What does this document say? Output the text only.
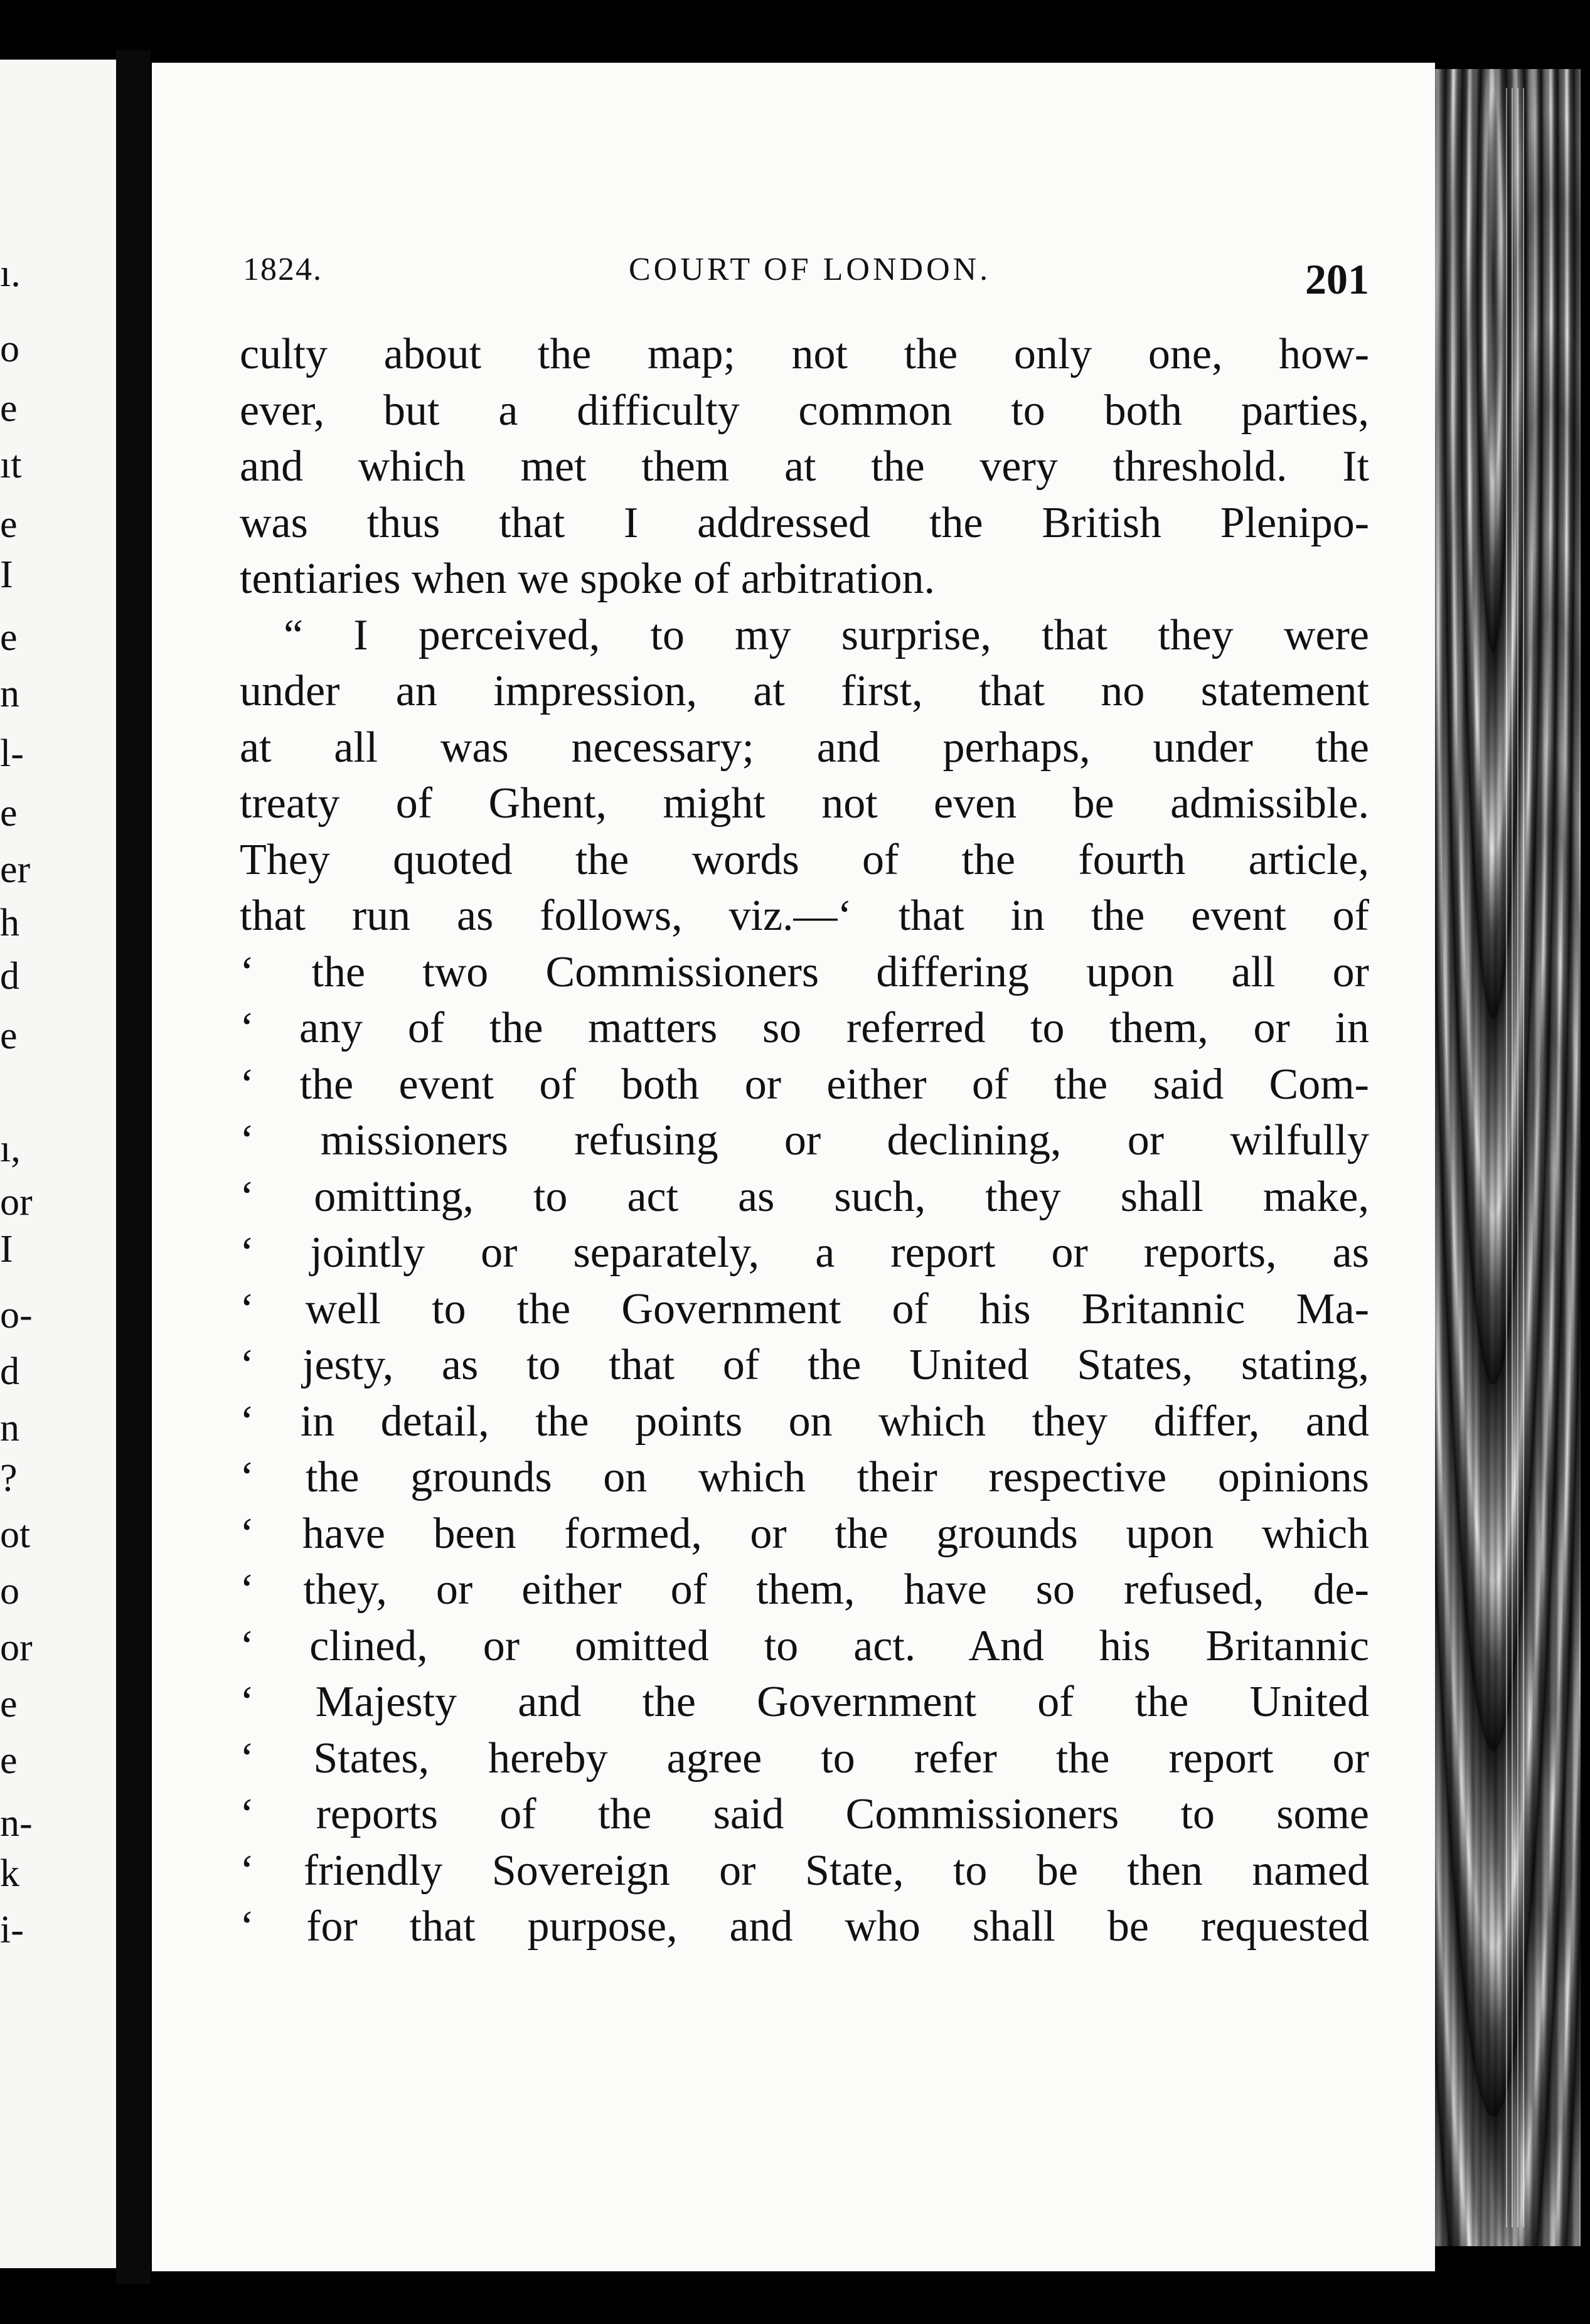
ı.
o
e
ıt
e
I
e
n
l-
e
er
h
d
e
ı,
or
I
o-
d
n
?
ot
o
or
e
e
n-
k
i-
1824.	COURT OF LONDON.	201
culty about the map; not the only one, how-
ever, but a difficulty common to both parties,
and which met them at the very threshold. It
was thus that I addressed the British Plenipo-
tentiaries when we spoke of arbitration.
“ I perceived, to my surprise, that they were
under an impression, at first, that no statement
at all was necessary; and perhaps, under the
treaty of Ghent, might not even be admissible.
They quoted the words of the fourth article,
that run as follows, viz.—‘ that in the event of
‘ the two Commissioners differing upon all or
‘ any of the matters so referred to them, or in
‘ the event of both or either of the said Com-
‘ missioners refusing or declining, or wilfully
‘ omitting, to act as such, they shall make,
‘ jointly or separately, a report or reports, as
‘ well to the Government of his Britannic Ma-
‘ jesty, as to that of the United States, stating,
‘ in detail, the points on which they differ, and
‘ the grounds on which their respective opinions
‘ have been formed, or the grounds upon which
‘ they, or either of them, have so refused, de-
‘ clined, or omitted to act. And his Britannic
‘ Majesty and the Government of the United
‘ States, hereby agree to refer the report or
‘ reports of the said Commissioners to some
‘ friendly Sovereign or State, to be then named
‘ for that purpose, and who shall be requested
